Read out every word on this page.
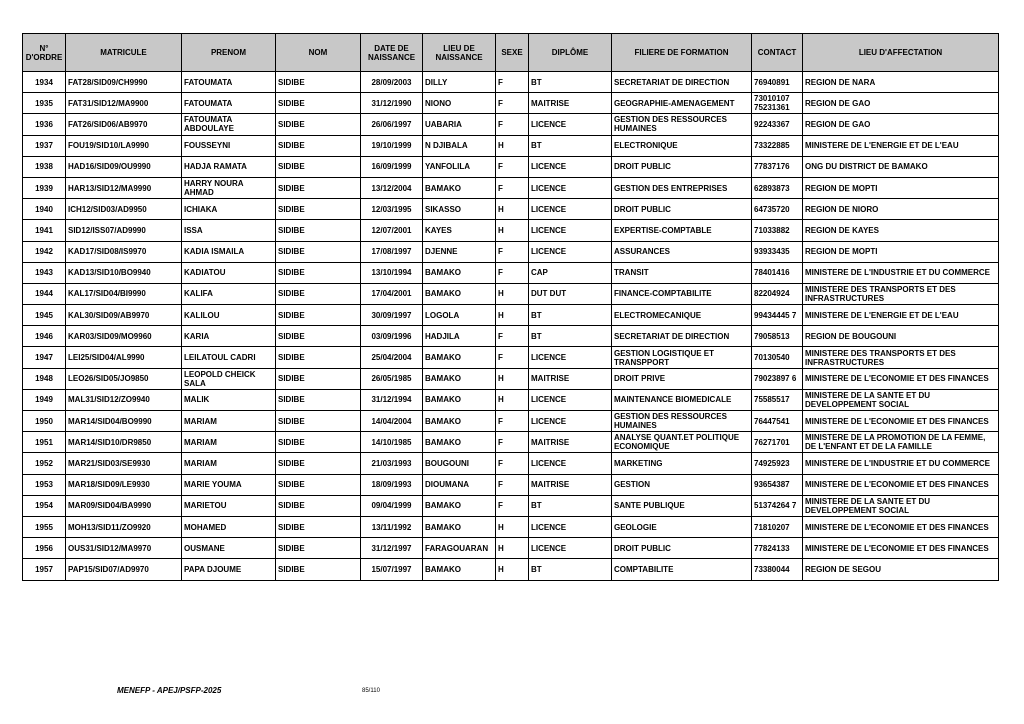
N° D'ORDRE	MATRICULE	PRENOM	NOM	DATE DE NAISSANCE	LIEU DE NAISSANCE	SEXE	DIPLÔME	FILIERE DE FORMATION	CONTACT	LIEU D'AFFECTATION
1934	FAT28/SID09/CH9990	FATOUMATA	SIDIBE	28/09/2003	DILLY	F	BT	SECRETARIAT DE DIRECTION	76940891	REGION DE NARA
1935	FAT31/SID12/MA9900	FATOUMATA	SIDIBE	31/12/1990	NIONO	F	MAITRISE	GEOGRAPHIE-AMENAGEMENT	73010107 75231361	REGION DE GAO
1936	FAT26/SID06/AB9970	FATOUMATA ABDOULAYE	SIDIBE	26/06/1997	UABARIA	F	LICENCE	GESTION DES RESSOURCES HUMAINES	92243367	REGION DE GAO
1937	FOU19/SID10/LA9990	FOUSSEYNI	SIDIBE	19/10/1999	N DJIBALA	H	BT	ELECTRONIQUE	73322885	MINISTERE DE L'ENERGIE ET DE L'EAU
1938	HAD16/SID09/OU9990	HADJA RAMATA	SIDIBE	16/09/1999	YANFOLILA	F	LICENCE	DROIT PUBLIC	77837176	ONG DU DISTRICT DE BAMAKO
1939	HAR13/SID12/MA9990	HARRY NOURA AHMAD	SIDIBE	13/12/2004	BAMAKO	F	LICENCE	GESTION DES ENTREPRISES	62893873	REGION DE MOPTI
1940	ICH12/SID03/AD9950	ICHIAKA	SIDIBE	12/03/1995	SIKASSO	H	LICENCE	DROIT PUBLIC	64735720	REGION DE NIORO
1941	SID12/ISS07/AD9990	ISSA	SIDIBE	12/07/2001	KAYES	H	LICENCE	EXPERTISE-COMPTABLE	71033882	REGION DE KAYES
1942	KAD17/SID08/IS9970	KADIA ISMAILA	SIDIBE	17/08/1997	DJENNE	F	LICENCE	ASSURANCES	93933435	REGION DE MOPTI
1943	KAD13/SID10/BO9940	KADIATOU	SIDIBE	13/10/1994	BAMAKO	F	CAP	TRANSIT	78401416	MINISTERE DE L'INDUSTRIE ET DU COMMERCE
1944	KAL17/SID04/BI9990	KALIFA	SIDIBE	17/04/2001	BAMAKO	H	DUT DUT	FINANCE-COMPTABILITE	82204924	MINISTERE DES TRANSPORTS ET DES INFRASTRUCTURES
1945	KAL30/SID09/AB9970	KALILOU	SIDIBE	30/09/1997	LOGOLA	H	BT	ELECTROMECANIQUE	99434445 7	MINISTERE DE L'ENERGIE ET DE L'EAU
1946	KAR03/SID09/MO9960	KARIA	SIDIBE	03/09/1996	HADJILA	F	BT	SECRETARIAT DE DIRECTION	79058513	REGION DE BOUGOUNI
1947	LEI25/SID04/AL9990	LEILATOUL CADRI	SIDIBE	25/04/2004	BAMAKO	F	LICENCE	GESTION LOGISTIQUE ET TRANSPPORT	70130540	MINISTERE DES TRANSPORTS ET DES INFRASTRUCTURES
1948	LEO26/SID05/JO9850	LEOPOLD CHEICK SALA	SIDIBE	26/05/1985	BAMAKO	H	MAITRISE	DROIT PRIVE	79023897 6	MINISTERE DE L'ECONOMIE ET DES FINANCES
1949	MAL31/SID12/ZO9940	MALIK	SIDIBE	31/12/1994	BAMAKO	H	LICENCE	MAINTENANCE BIOMEDICALE	75585517	MINISTERE DE LA SANTE ET DU DEVELOPPEMENT SOCIAL
1950	MAR14/SID04/BO9990	MARIAM	SIDIBE	14/04/2004	BAMAKO	F	LICENCE	GESTION DES RESSOURCES HUMAINES	76447541	MINISTERE DE L'ECONOMIE ET DES FINANCES
1951	MAR14/SID10/DR9850	MARIAM	SIDIBE	14/10/1985	BAMAKO	F	MAITRISE	ANALYSE QUANT.ET POLITIQUE ECONOMIQUE	76271701	MINISTERE DE LA PROMOTION DE LA FEMME, DE L'ENFANT ET DE LA FAMILLE
1952	MAR21/SID03/SE9930	MARIAM	SIDIBE	21/03/1993	BOUGOUNI	F	LICENCE	MARKETING	74925923	MINISTERE DE L'INDUSTRIE ET DU COMMERCE
1953	MAR18/SID09/LE9930	MARIE YOUMA	SIDIBE	18/09/1993	DIOUMANA	F	MAITRISE	GESTION	93654387	MINISTERE DE L'ECONOMIE ET DES FINANCES
1954	MAR09/SID04/BA9990	MARIETOU	SIDIBE	09/04/1999	BAMAKO	F	BT	SANTE PUBLIQUE	51374264 7	MINISTERE DE LA SANTE ET DU DEVELOPPEMENT SOCIAL
1955	MOH13/SID11/ZO9920	MOHAMED	SIDIBE	13/11/1992	BAMAKO	H	LICENCE	GEOLOGIE	71810207	MINISTERE DE L'ECONOMIE ET DES FINANCES
1956	OUS31/SID12/MA9970	OUSMANE	SIDIBE	31/12/1997	FARAGOUARAN	H	LICENCE	DROIT PUBLIC	77824133	MINISTERE DE L'ECONOMIE ET DES FINANCES
1957	PAP15/SID07/AD9970	PAPA DJOUME	SIDIBE	15/07/1997	BAMAKO	H	BT	COMPTABILITE	73380044	REGION DE SEGOU
MENEFP - APEJ/PSFP-2025	85/110
